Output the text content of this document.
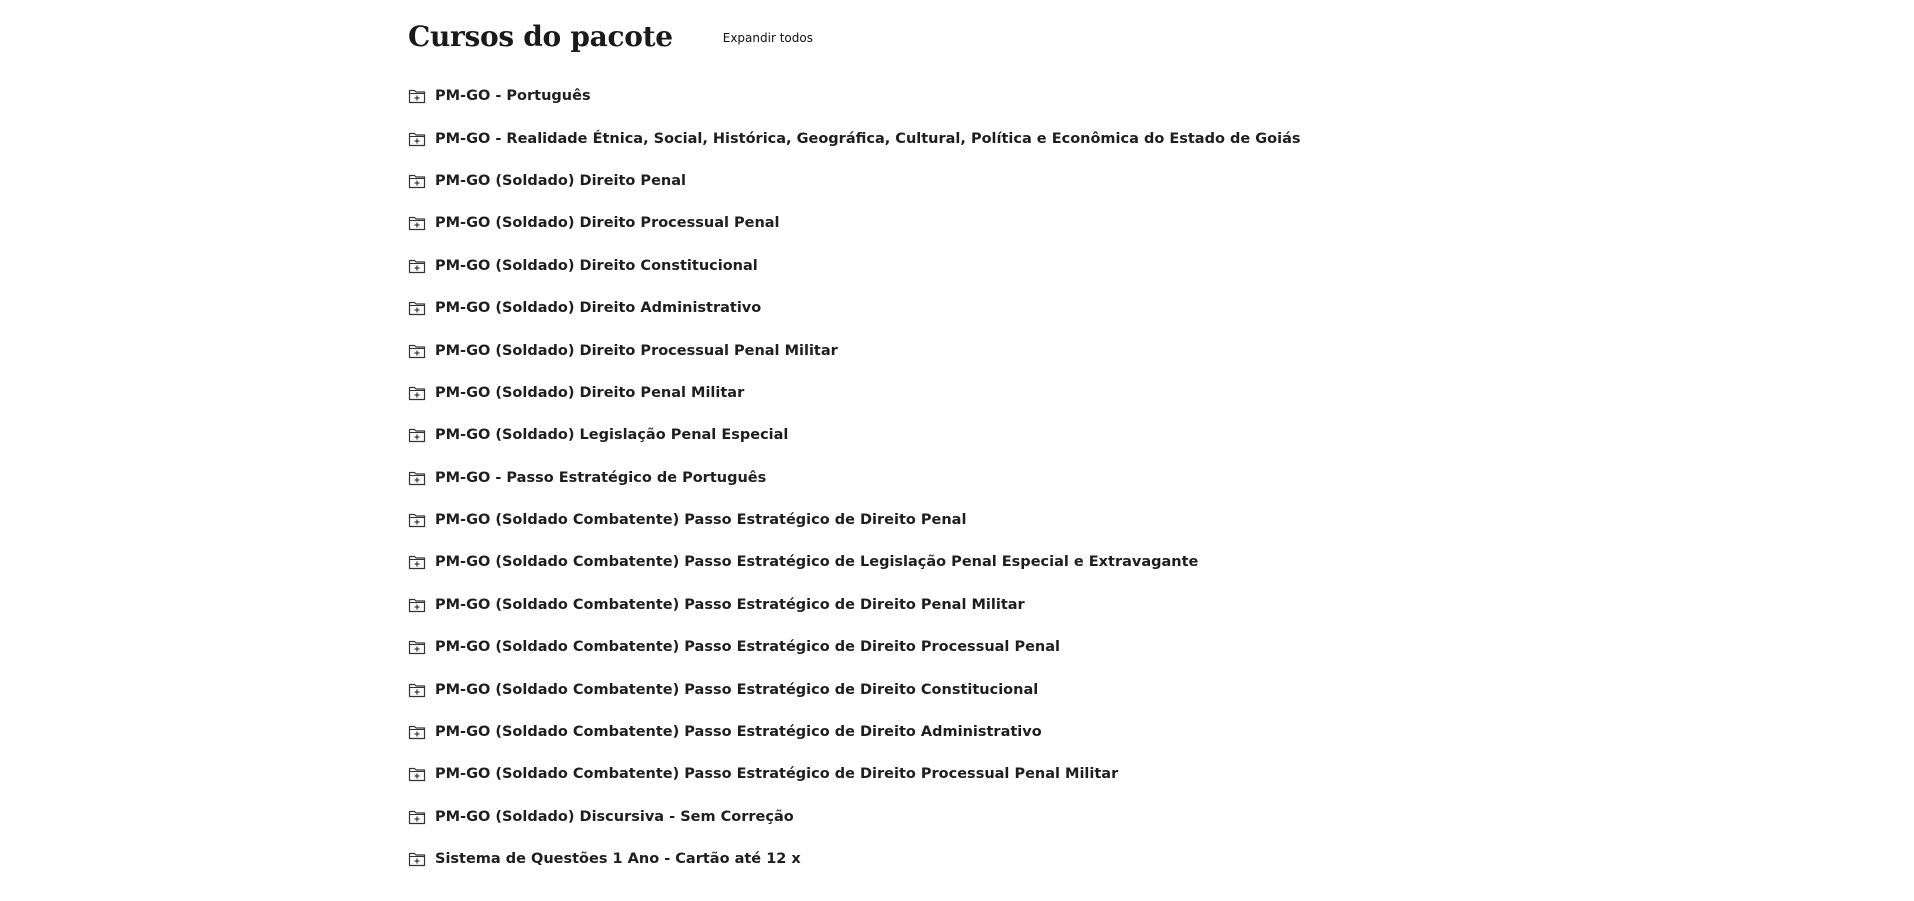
Cursos do pacote	Expandir todos
PM-GO - Português
PM-GO - Realidade Étnica, Social, Histórica, Geográfica, Cultural, Política e Econômica do Estado de Goiás
PM-GO (Soldado) Direito Penal
PM-GO (Soldado) Direito Processual Penal
PM-GO (Soldado) Direito Constitucional
PM-GO (Soldado) Direito Administrativo
PM-GO (Soldado) Direito Processual Penal Militar
PM-GO (Soldado) Direito Penal Militar
PM-GO (Soldado) Legislação Penal Especial
PM-GO - Passo Estratégico de Português
PM-GO (Soldado Combatente) Passo Estratégico de Direito Penal
PM-GO (Soldado Combatente) Passo Estratégico de Legislação Penal Especial e Extravagante
PM-GO (Soldado Combatente) Passo Estratégico de Direito Penal Militar
PM-GO (Soldado Combatente) Passo Estratégico de Direito Processual Penal
PM-GO (Soldado Combatente) Passo Estratégico de Direito Constitucional
PM-GO (Soldado Combatente) Passo Estratégico de Direito Administrativo
PM-GO (Soldado Combatente) Passo Estratégico de Direito Processual Penal Militar
PM-GO (Soldado) Discursiva - Sem Correção
Sistema de Questões 1 Ano - Cartão até 12 x
